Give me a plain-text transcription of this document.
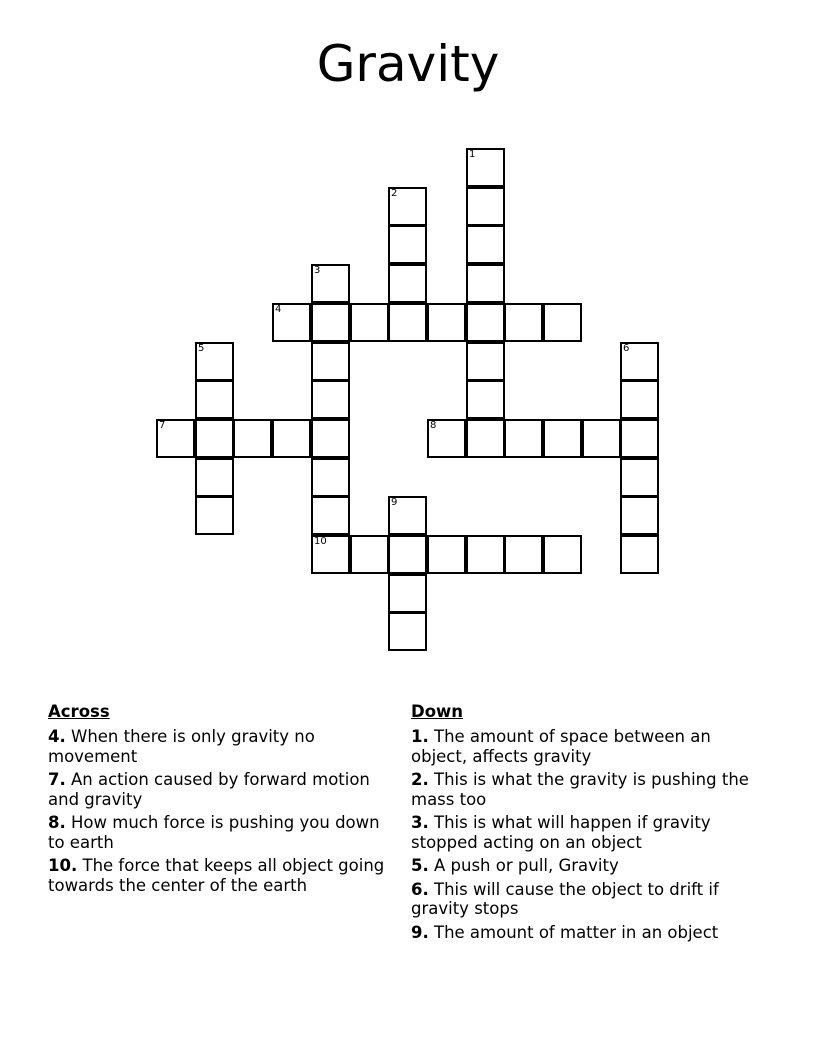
Gravity
1
2
3
10
4
5	6
7	8
9
Across
4. When there is only gravity no movement
7. An action caused by forward motion and gravity
8. How much force is pushing you down to earth
10. The force that keeps all object going towards the center of the earth
Down
1. The amount of space between an object, affects gravity
2. This is what the gravity is pushing the mass too
3. This is what will happen if gravity stopped acting on an object
5. A push or pull, Gravity
6. This will cause the object to drift if gravity stops
9. The amount of matter in an object
